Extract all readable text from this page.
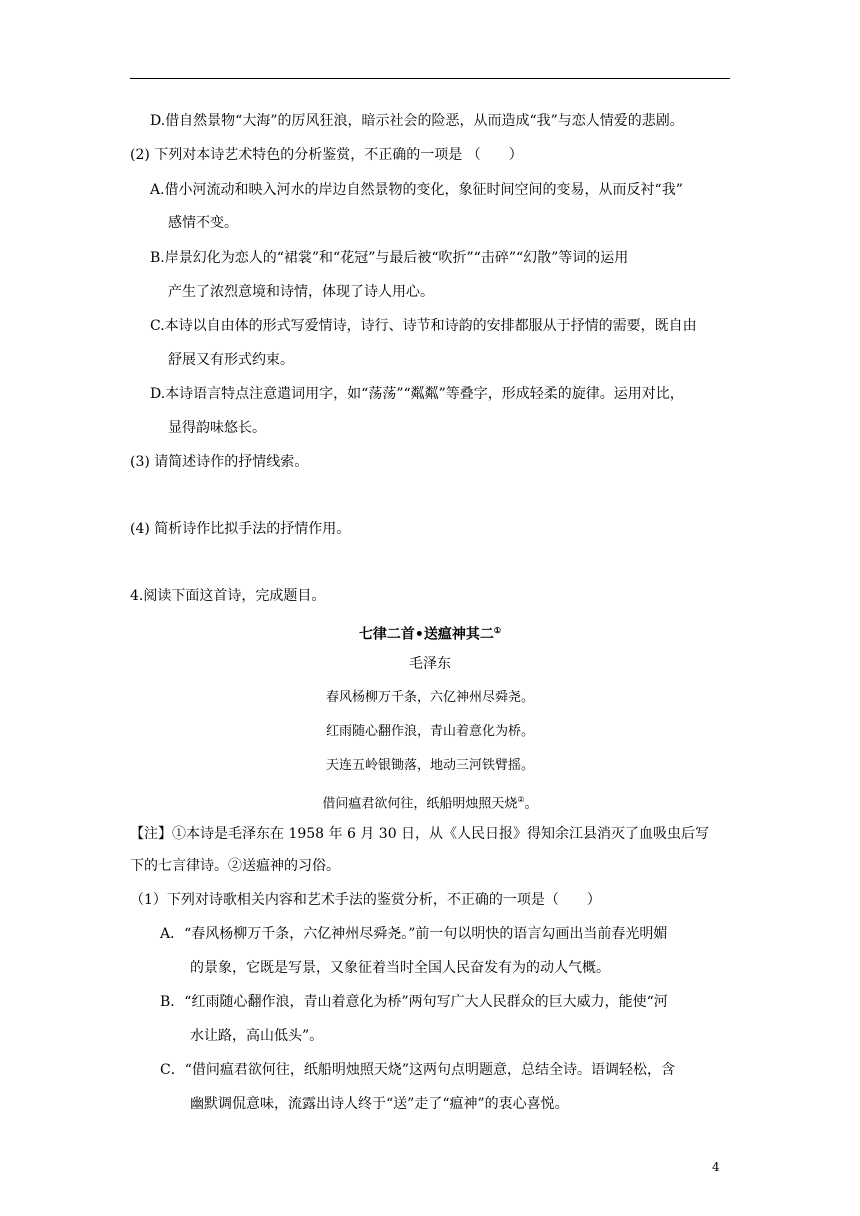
D.借自然景物“大海”的厉风狂浪，暗示社会的险恶，从而造成“我”与恋人情爱的悲剧。
(2) 下列对本诗艺术特色的分析鉴赏，不正确的一项是 （　　）
A.借小河流动和映入河水的岸边自然景物的变化，象征时间空间的变易，从而反衬“我”
感情不变。
B.岸景幻化为恋人的“裙裳”和“花冠”与最后被“吹折”“击碎”“幻散”等词的运用
产生了浓烈意境和诗情，体现了诗人用心。
C.本诗以自由体的形式写爱情诗，诗行、诗节和诗韵的安排都服从于抒情的需要，既自由
舒展又有形式约束。
D.本诗语言特点注意遣词用字，如“荡荡”“粼粼”等叠字，形成轻柔的旋律。运用对比，
显得韵味悠长。
(3) 请简述诗作的抒情线索。
(4) 简析诗作比拟手法的抒情作用。
4.阅读下面这首诗，完成题目。
七律二首•送瘟神其二①
毛泽东
春风杨柳万千条，六亿神州尽舜尧。
红雨随心翻作浪，青山着意化为桥。
天连五岭银锄落，地动三河铁臂摇。
借问瘟君欲何往，纸船明烛照天烧②。
【注】①本诗是毛泽东在 1958 年 6 月 30 日，从《人民日报》得知余江县消灭了血吸虫后写
下的七言律诗。②送瘟神的习俗。
（1）下列对诗歌相关内容和艺术手法的鉴赏分析，不正确的一项是（　　）
A．“春风杨柳万千条，六亿神州尽舜尧。”前一句以明快的语言勾画出当前春光明媚
的景象，它既是写景，又象征着当时全国人民奋发有为的动人气概。
B．“红雨随心翻作浪，青山着意化为桥”两句写广大人民群众的巨大威力，能使“河
水让路，高山低头”。
C．“借问瘟君欲何往，纸船明烛照天烧”这两句点明题意，总结全诗。语调轻松，含
幽默调侃意味，流露出诗人终于“送”走了“瘟神”的衷心喜悦。
4
